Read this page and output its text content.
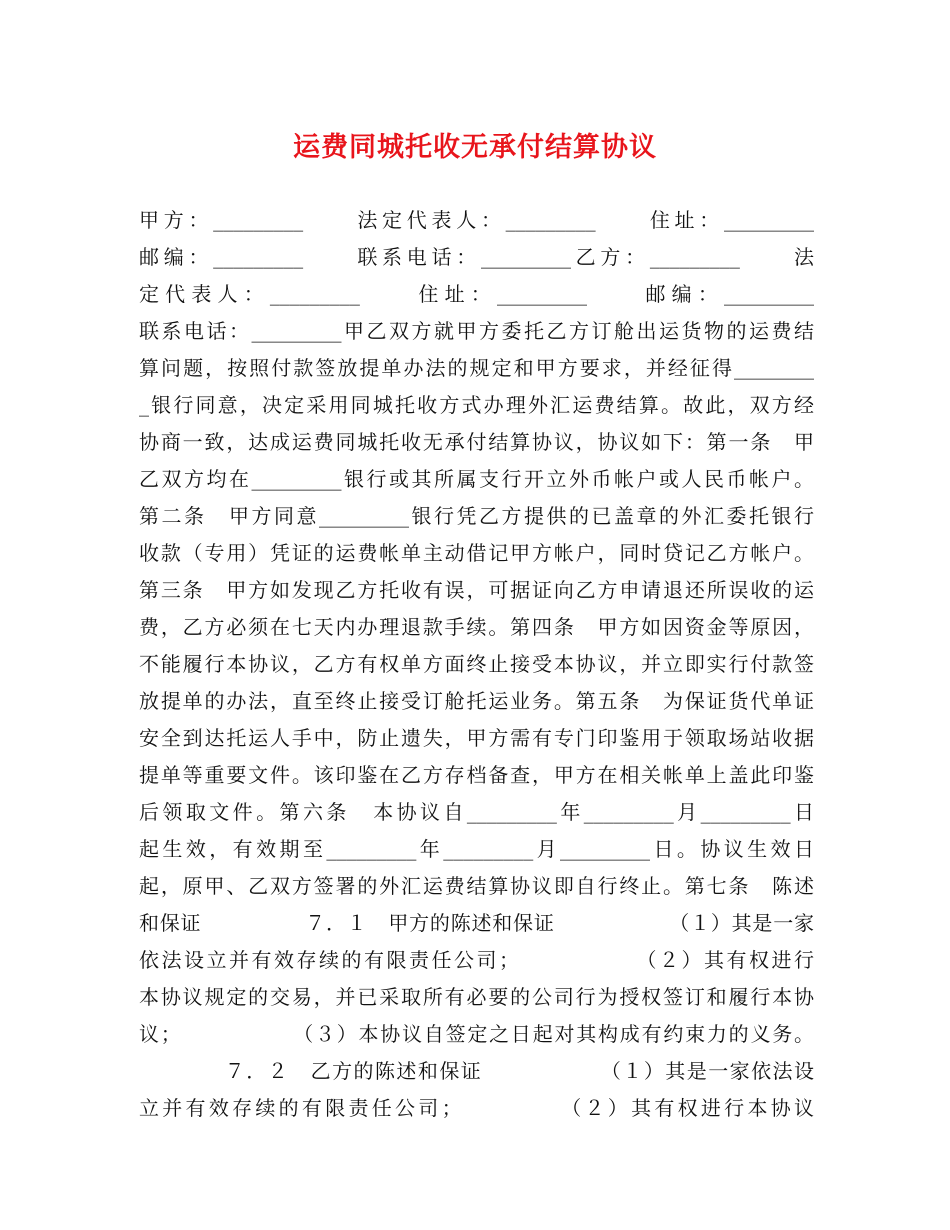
运费同城托收无承付结算协议
甲方：_________　　法定代表人：_________　　住址：_________
邮编：_________　　联系电话：_________乙方：_________　　法
定代表人：_________　　住址：_________　　邮编：_________
联系电话：_________甲乙双方就甲方委托乙方订舱出运货物的运费结
算问题，按照付款签放提单办法的规定和甲方要求，并经征得________
_银行同意，决定采用同城托收方式办理外汇运费结算。故此，双方经
协商一致，达成运费同城托收无承付结算协议，协议如下：第一条　甲
乙双方均在_________银行或其所属支行开立外币帐户或人民币帐户。
第二条　甲方同意_________银行凭乙方提供的已盖章的外汇委托银行
收款（专用）凭证的运费帐单主动借记甲方帐户，同时贷记乙方帐户。
第三条　甲方如发现乙方托收有误，可据证向乙方申请退还所误收的运
费，乙方必须在七天内办理退款手续。第四条　甲方如因资金等原因，
不能履行本协议，乙方有权单方面终止接受本协议，并立即实行付款签
放提单的办法，直至终止接受订舱托运业务。第五条　为保证货代单证
安全到达托运人手中，防止遗失，甲方需有专门印鉴用于领取场站收据
提单等重要文件。该印鉴在乙方存档备查，甲方在相关帐单上盖此印鉴
后领取文件。第六条　本协议自_________年_________月_________日
起生效，有效期至_________年_________月_________日。协议生效日
起，原甲、乙双方签署的外汇运费结算协议即自行终止。第七条　陈述
和保证　　　　　７．１　甲方的陈述和保证　　　　　　（１）其是一家
依法设立并有效存续的有限责任公司；　　　　　　（２）其有权进行
本协议规定的交易，并已采取所有必要的公司行为授权签订和履行本协
议；　　　　　　（３）本协议自签定之日起对其构成有约束力的义务。
　　　　７．２　乙方的陈述和保证　　　　　　（１）其是一家依法设
立并有效存续的有限责任公司；　　　　　（２）其有权进行本协议
